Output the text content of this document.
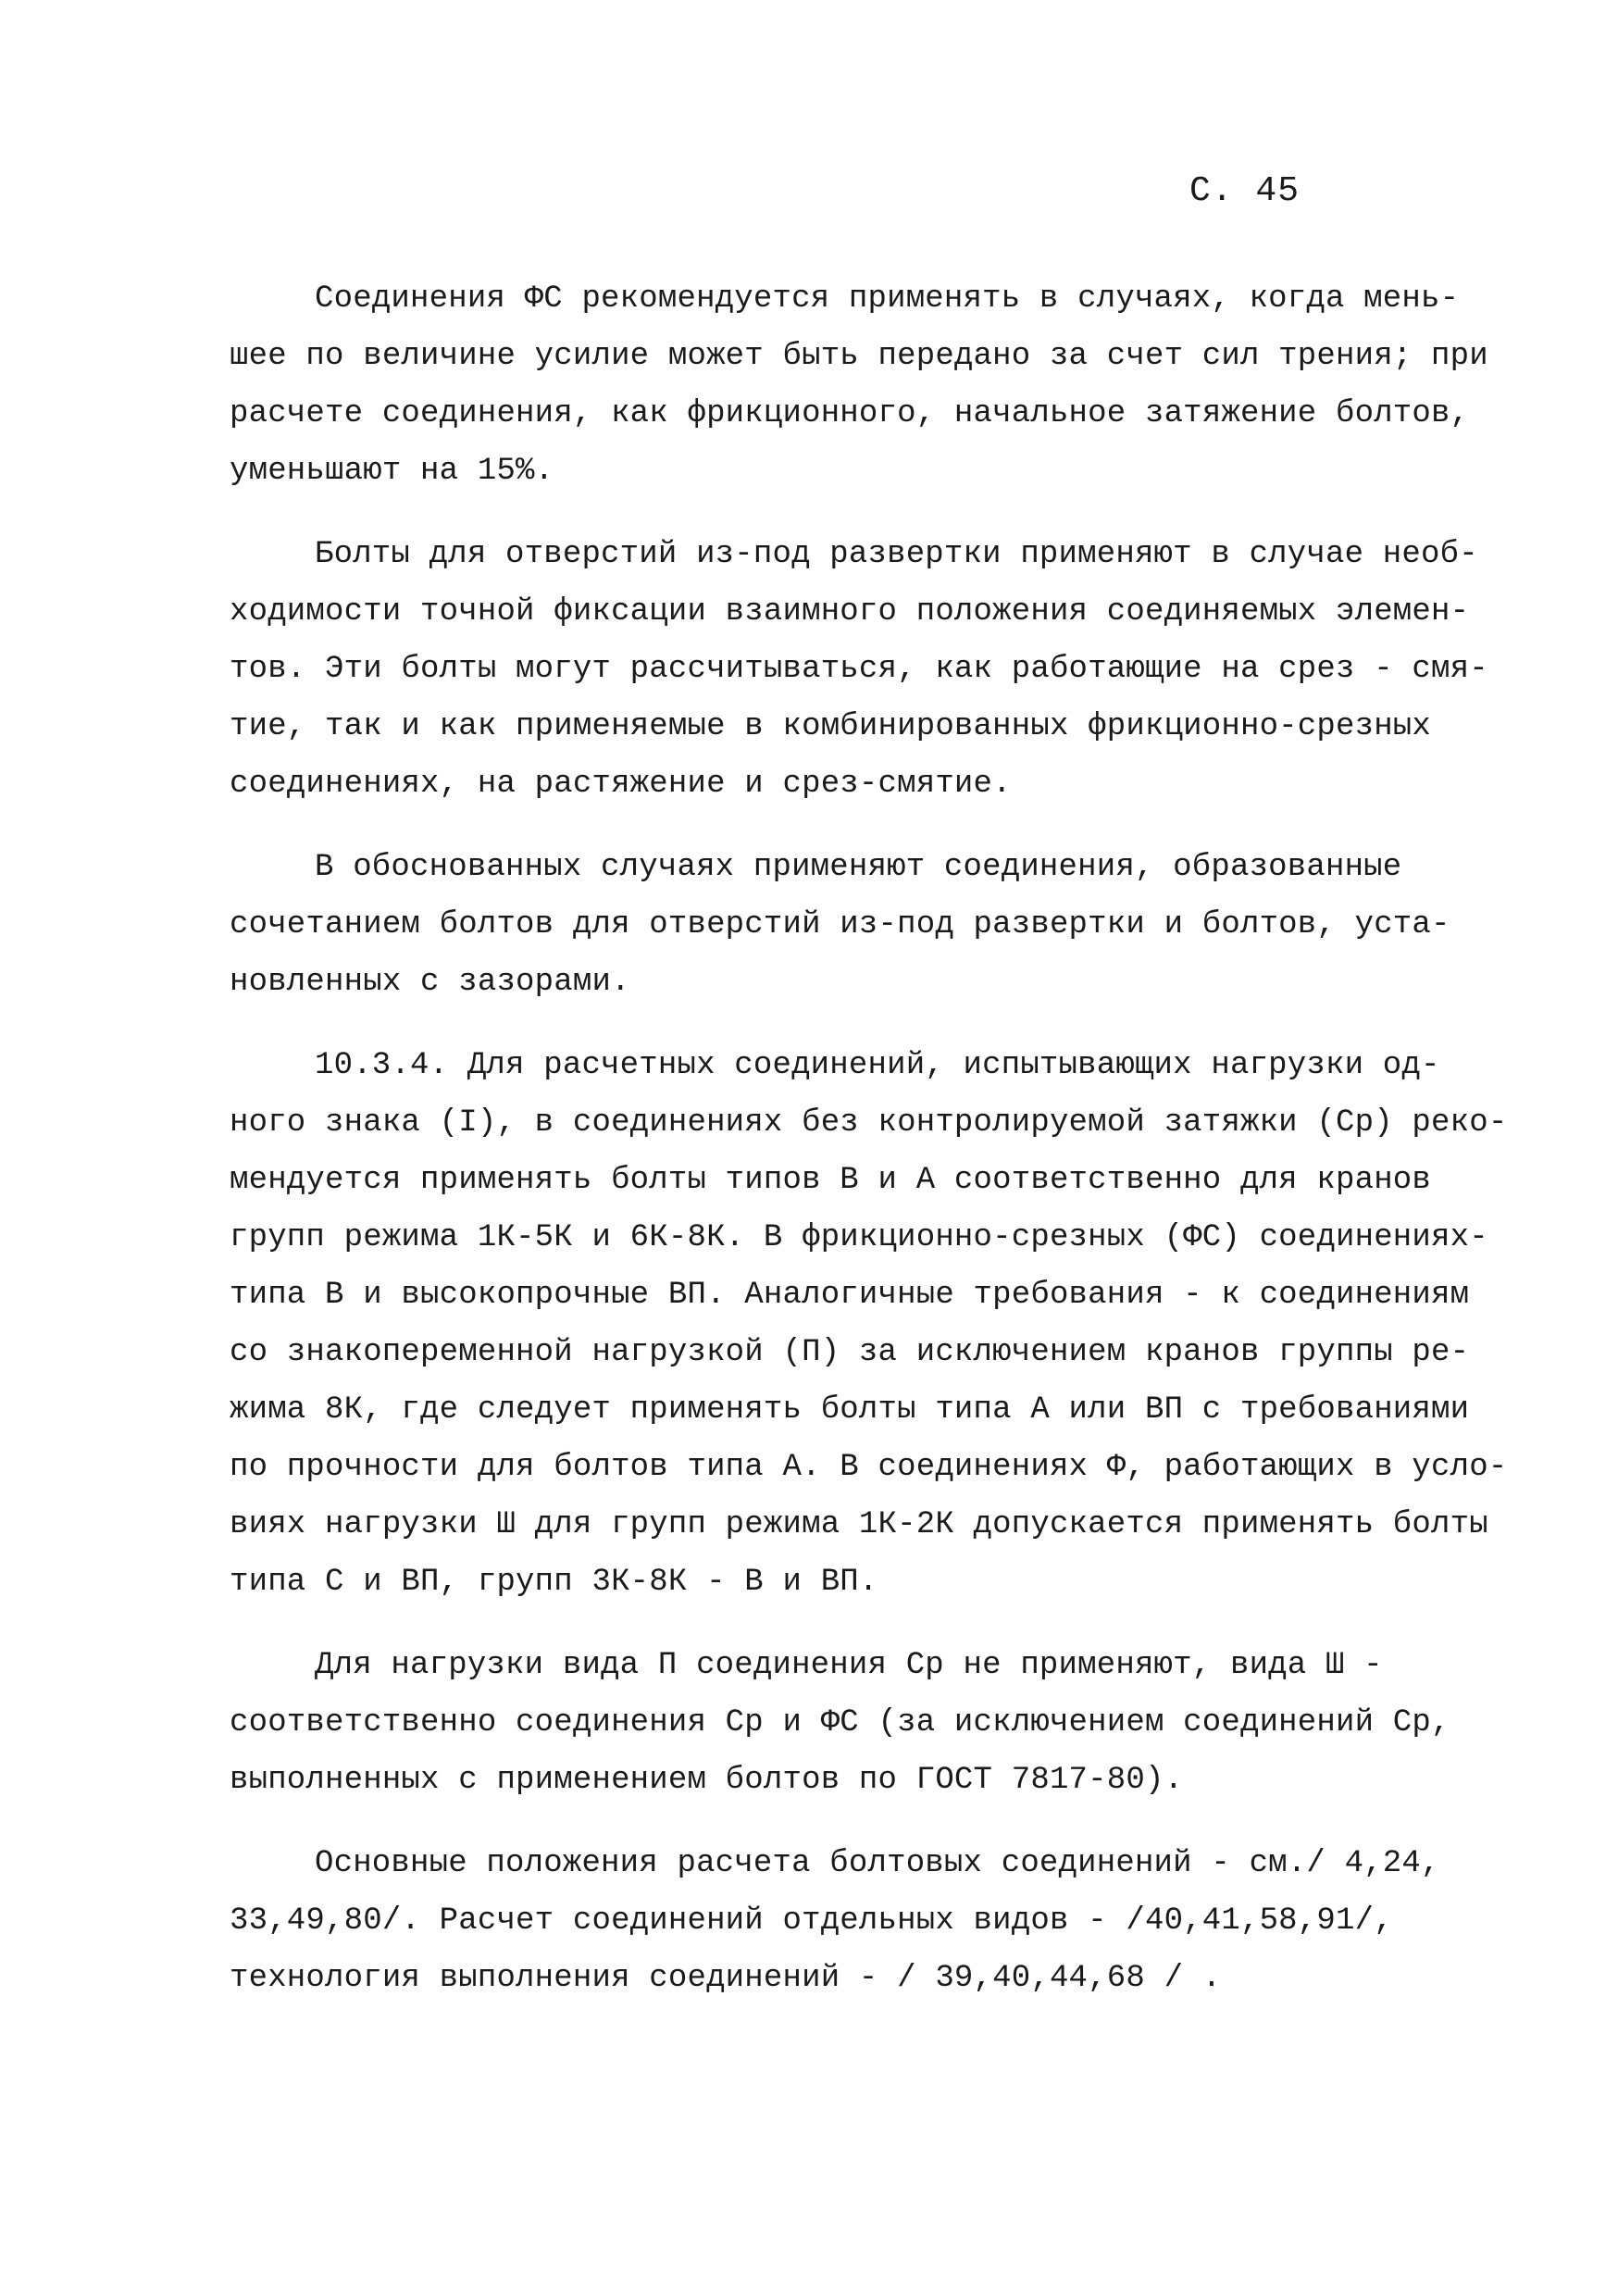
С. 45

Соединения ФС рекомендуется применять в случаях, когда мень-
шее по величине усилие может быть передано за счет сил трения; при
расчете соединения, как фрикционного, начальное затяжение болтов,
уменьшают на 15%.

Болты для отверстий из-под развертки применяют в случае необ-
ходимости точной фиксации взаимного положения соединяемых элемен-
тов. Эти болты могут рассчитываться, как работающие на срез - смя-
тие, так и как применяемые в комбинированных фрикционно-срезных
соединениях, на растяжение и срез-смятие.

В обоснованных случаях применяют соединения, образованные
сочетанием болтов для отверстий из-под развертки и болтов, уста-
новленных с зазорами.

10.3.4. Для расчетных соединений, испытывающих нагрузки од-
ного знака (I), в соединениях без контролируемой затяжки (Ср) реко-
мендуется применять болты типов В и А соответственно для кранов
групп режима 1К-5К и 6К-8К. В фрикционно-срезных (ФС) соединениях-
типа В и высокопрочные ВП. Аналогичные требования - к соединениям
со знакопеременной нагрузкой (П) за исключением кранов группы ре-
жима 8К, где следует применять болты типа А или ВП с требованиями
по прочности для болтов типа А. В соединениях Ф, работающих в усло-
виях нагрузки Ш для групп режима 1К-2К допускается применять болты
типа С и ВП, групп 3К-8К - В и ВП.

Для нагрузки вида П соединения Ср не применяют, вида Ш -
соответственно соединения Ср и ФС (за исключением соединений Ср,
выполненных с применением болтов по ГОСТ 7817-80).

Основные положения расчета болтовых соединений - см./ 4,24,
33,49,80/. Расчет соединений отдельных видов - /40,41,58,91/,
технология выполнения соединений - / 39,40,44,68 / .
